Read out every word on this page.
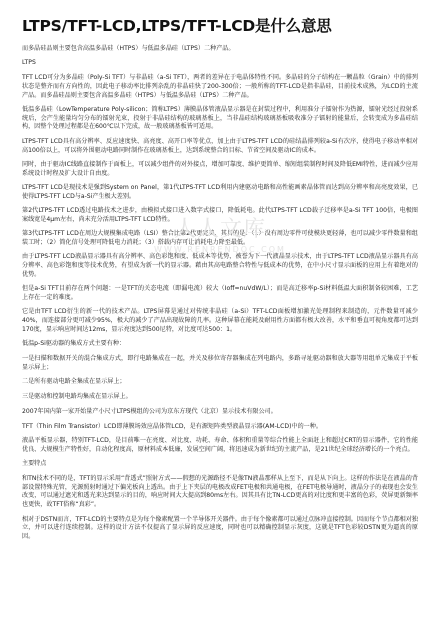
LTPS/TFT-LCD,LTPS/TFT-LCD是什么意思
人人文库
WWW.RENRENDOC.COM

而多晶硅品则主要包含高温多晶硅（HTPS）与低温多晶硅（LTPS）二种产品。

LTPS

TFT LCD可分为多晶硅（Poly-Si TFT）与非晶硅（a-Si TFT），两者的差异在于电晶体特性不同。多晶硅的分子结构在一颗晶粒（Grain）中的排列状态是整齐而有方向性的，因此电子移动率比排列杂乱的非晶硅快了200-300倍；一般所称的TFT-LCD是指非晶硅，目前技术成熟，为LCD的主流产品。而多晶硅品则主要包含高温多晶硅（HTPS）与低温多晶硅（LTPS）二种产品。

低温多晶硅（LowTemperature Poly-silicon；简称LTPS）薄膜晶体管液晶显示器是在封装过程中，利用准分子镭射作为热源，镭射光经过投射系统后，会产生能量均匀分布的镭射光束，投射于非晶硅结构的玻璃基板上，当非晶硅结构玻璃基板吸收准分子镭射的能量后，会转变成为多晶硅结构，因整个处理过程都是在600℃以下完成，故一般玻璃基板皆可适用。

LTPS-TFT LCD具有高分辨率、反应速度快、高亮度、高开口率等优点，加上由于LTPS-TFT LCD的硅结晶排列较a-Si有次序，使得电子移动率相对高100倍以上，可以将外围驱动电路同时制作在玻璃基板上，达到系统整合的目标、节省空间及驱动IC的成本。

同时，由于驱动IC线路直接制作于面板上，可以减少组件的对外接点，增加可靠度、维护更简单、缩短组装制程时间及降低EMI特性，进而减少应用系统设计时程及扩大设计自由度。

LTPS-TFT LCD是现技术是强到System on Panel，第1代LTPS-TFT LCD利用内建驱动电路和高性能画素晶体管而达到高分辨率和高亮度效果，已使得LTPS-TFT LCD与a-Si产生极大差别。

第2代LTPS-TFT LCD透过电路技术之进步，由模拟式接口进入数字式接口，降低耗电。此代LTPS-TFT LCD载子迁移率是a-Si TFT 100倍，电极图案线宽是4μm左右，尚未充分活用LTPS-TFT LCD特性。

第3代LTPS-TFT LCD在周边大规模集成电路（LSI）整合比第2代更完美，其目的是：（1）没有周边零件可使模块更轻薄，也可以减少零件数量和组装工时；（2）简化信号处理可降低电力消耗；（3）搭载内存可让消耗电力降至最低。

由于LTPS-TFT LCD液晶显示器具有高分辨率、高色彩饱和度、低成本等优势，被誉为下一代液晶显示技术，由于LTPS-TFT LCD液晶显示器具有高分辨率、高色彩饱和度等技术优势，有望成为新一代的显示器。藉由其高电路整合特性与低成本的优势，在中小尺寸显示面板的应用上有着绝对的优势。

但是a-Si TFT目前存在两个问题：一是TFT的关态电流（即漏电流）较大（Ioff=nuVdW/L）；而是高迁移率p-Si材料低温大面积制备较困难，工艺上存在一定的难度。

它是由TFT LCD衍生的新一代的技术产品。LTPS屏幕是通过对传统非晶硅（a-Si）TFT-LCD面板增加激光处理制程来制造的，元件数量可减少40%，而连接部分更可减少95%，极大的减少了产品出现故障的几率。这种屏幕在能耗及耐用性方面都有极大改善，水平和垂直可视角度都可达到170度，显示响应时间达12ms，显示亮度达到500尼特，对比度可达500：1。

低温p-Si驱动器的集成方式主要有种：

一是扫描和数据开关的混合集成方式，即行电路集成在一起，并关及移位寄存器集成在列电路内，多路寻址驱动器和放大器等用组单元集成于平板显示屏上；

二是所有驱动电路全集成在显示屏上；

三是驱动和控制电路均集成在显示屏上。

2007年国内第一家开始量产小尺寸LTPS模组的公司为京东方现代（北京）显示技术有限公司。

TFT（Thin Film Transistor）LCD即薄膜场效应晶体管LCD，是有源矩阵类型液晶显示器(AM-LCD)中的一种。

液晶平板显示器，特别TFT-LCD，是目前唯一在亮度、对比度、功耗、寿命、体积和重量等综合性能上全面赶上和超过CRT的显示器件，它的性能优良、大规模生产特性好，自动化程度高，原材料成本低廉，发展空间广阔，将迅速成为新世纪的主流产品，是21世纪全球经济增长的一个亮点。

主要特点

和TN技术不同的是，TFT的显示采用“背透式”照射方式——假想的光源路径不是像TN液晶那样从上至下，而是从下向上。这样的作法是在液晶的背部设置特殊光管，光源照射时通过下偏光板向上透出。由于上下夹层的电极改成FET电极和共通电极，在FET电极导通时，液晶分子的表现也会发生改变，可以通过遮光和透光来达到显示的目的，响应时间大大提高到80ms左右。因其具有比TN-LCD更高的对比度和更丰富的色彩，荧屏更新频率也更快，故TFT俗称“真彩”。

相对于DSTN而言，TFT-LCD的主要特点是为每个像素配置一个半导体开关器件。由于每个像素都可以通过点脉冲直接控制。因而每个节点都相对独立，并可以进行连续控制。这样的设计方法不仅提高了显示屏的反应速度，同时也可以精确控制显示灰度，这就是TFT色彩较DSTN更为逼真的原因。
